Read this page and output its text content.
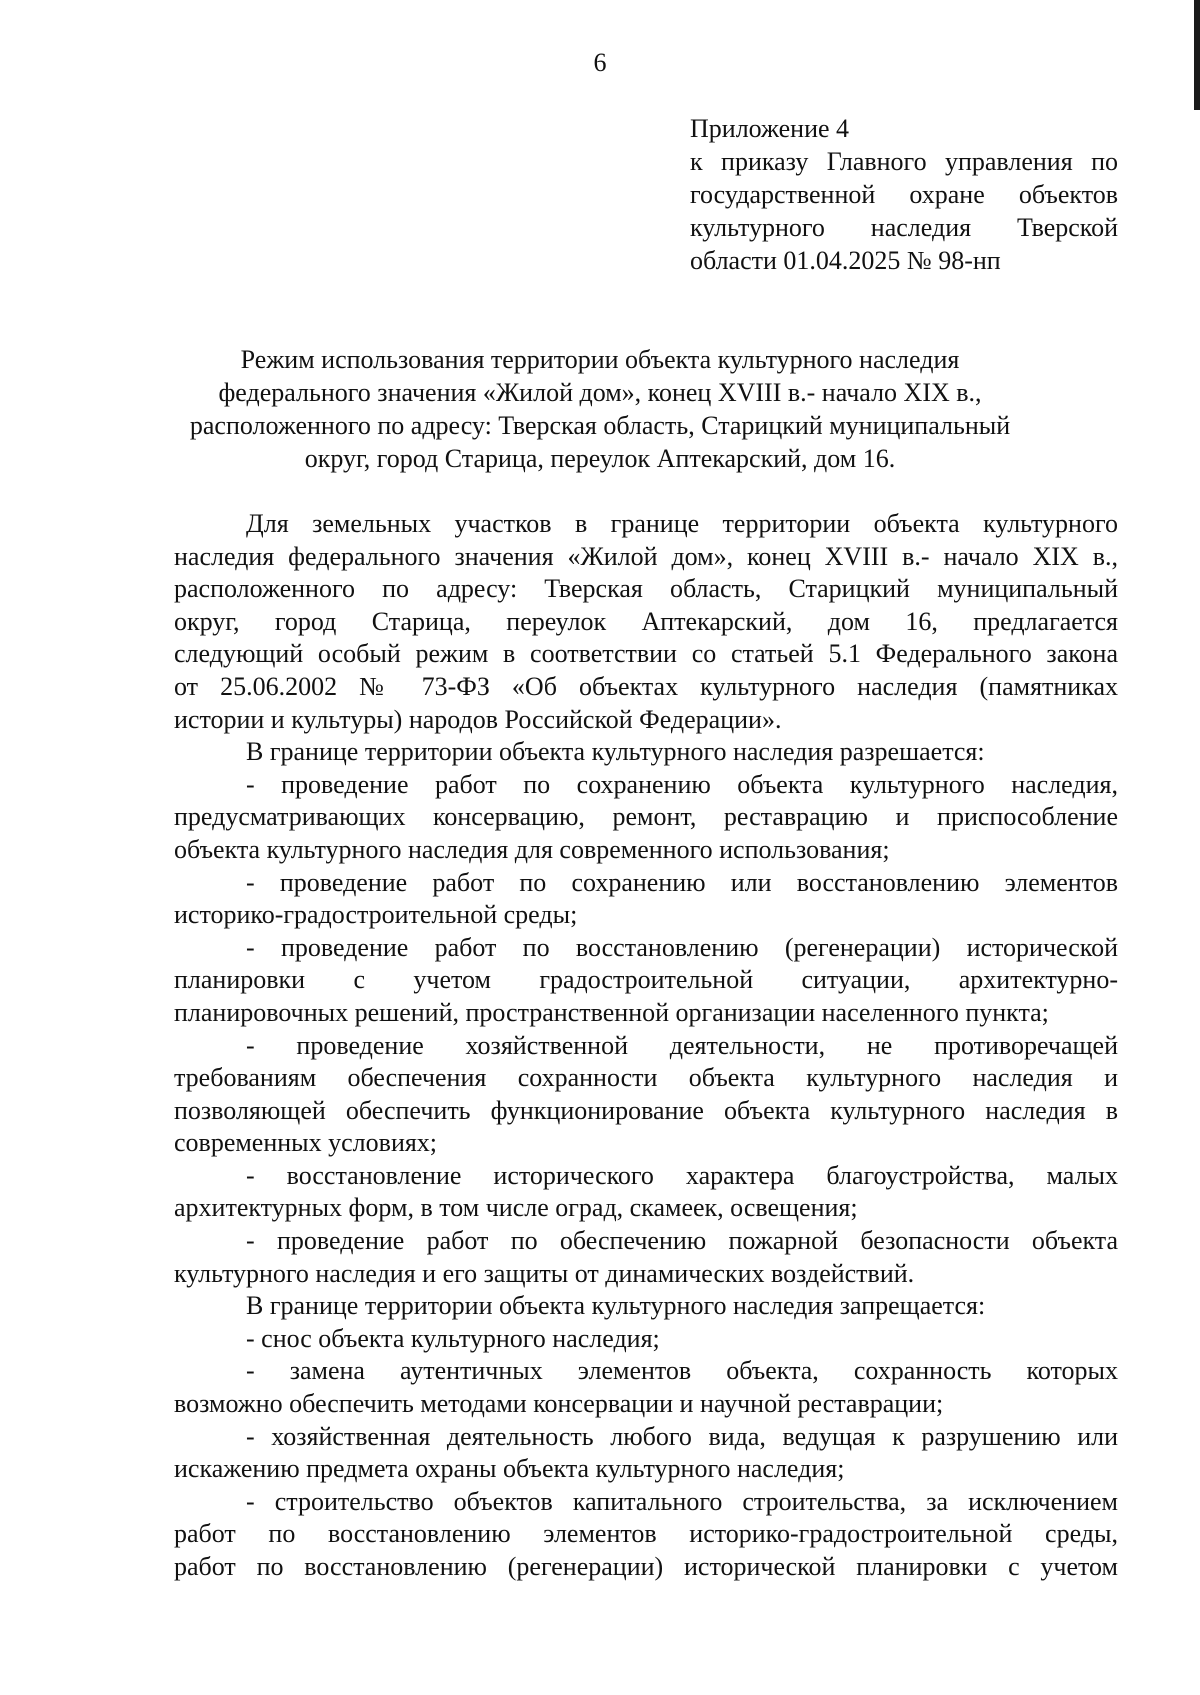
6
Приложение 4
к приказу Главного управления по
государственной охране объектов
культурного наследия Тверской
области 01.04.2025 № 98-нп
Режим использования территории объекта культурного наследия
федерального значения «Жилой дом», конец XVIII в.- начало XIX в.,
расположенного по адресу: Тверская область, Старицкий муниципальный
округ, город Старица, переулок Аптекарский, дом 16.
Для земельных участков в границе территории объекта культурного
наследия федерального значения «Жилой дом», конец XVIII в.- начало XIX в.,
расположенного по адресу: Тверская область, Старицкий муниципальный
округ, город Старица, переулок Аптекарский, дом 16, предлагается
следующий особый режим в соответствии со статьей 5.1 Федерального закона
от 25.06.2002 № 73-ФЗ «Об объектах культурного наследия (памятниках
истории и культуры) народов Российской Федерации».
В границе территории объекта культурного наследия разрешается:
- проведение работ по сохранению объекта культурного наследия,
предусматривающих консервацию, ремонт, реставрацию и приспособление
объекта культурного наследия для современного использования;
- проведение работ по сохранению или восстановлению элементов
историко-градостроительной среды;
- проведение работ по восстановлению (регенерации) исторической
планировки с учетом градостроительной ситуации, архитектурно-
планировочных решений, пространственной организации населенного пункта;
- проведение хозяйственной деятельности, не противоречащей
требованиям обеспечения сохранности объекта культурного наследия и
позволяющей обеспечить функционирование объекта культурного наследия в
современных условиях;
- восстановление исторического характера благоустройства, малых
архитектурных форм, в том числе оград, скамеек, освещения;
- проведение работ по обеспечению пожарной безопасности объекта
культурного наследия и его защиты от динамических воздействий.
В границе территории объекта культурного наследия запрещается:
- снос объекта культурного наследия;
- замена аутентичных элементов объекта, сохранность которых
возможно обеспечить методами консервации и научной реставрации;
- хозяйственная деятельность любого вида, ведущая к разрушению или
искажению предмета охраны объекта культурного наследия;
- строительство объектов капитального строительства, за исключением
работ по восстановлению элементов историко-градостроительной среды,
работ по восстановлению (регенерации) исторической планировки с учетом
